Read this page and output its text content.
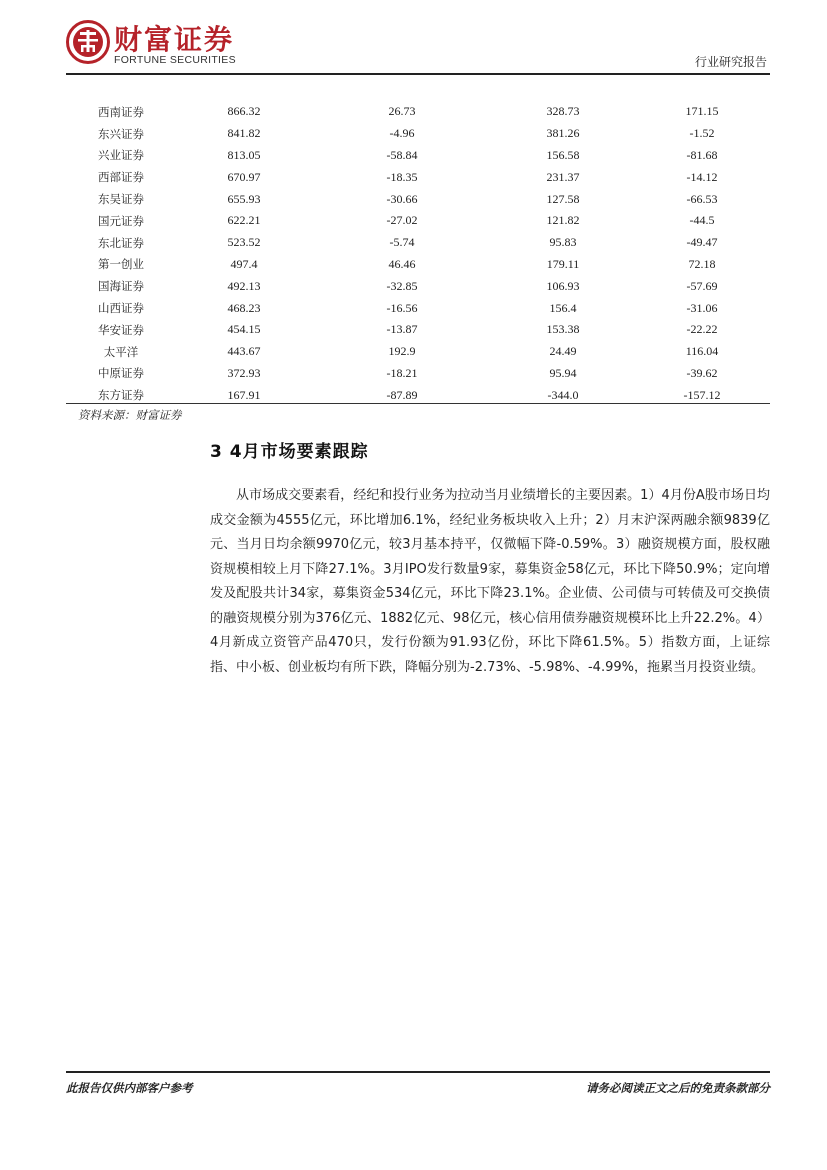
财富证券
FORTUNE SECURITIES	行业研究报告
西南证券	866.32	26.73	328.73	171.15
东兴证券	841.82	-4.96	381.26	-1.52
兴业证券	813.05	-58.84	156.58	-81.68
西部证券	670.97	-18.35	231.37	-14.12
东吴证券	655.93	-30.66	127.58	-66.53
国元证券	622.21	-27.02	121.82	-44.5
东北证券	523.52	-5.74	95.83	-49.47
第一创业	497.4	46.46	179.11	72.18
国海证券	492.13	-32.85	106.93	-57.69
山西证券	468.23	-16.56	156.4	-31.06
华安证券	454.15	-13.87	153.38	-22.22
太平洋	443.67	192.9	24.49	116.04
中原证券	372.93	-18.21	95.94	-39.62
东方证券	167.91	-87.89	-344.0	-157.12
资料来源：财富证券
3 4月市场要素跟踪
从市场成交要素看，经纪和投行业务为拉动当月业绩增长的主要因素。1）4月份A股市场日均成交金额为4555亿元，环比增加6.1%，经纪业务板块收入上升；2）月末沪深两融余额9839亿元、当月日均余额9970亿元，较3月基本持平，仅微幅下降-0.59%。3）融资规模方面，股权融资规模相较上月下降27.1%。3月IPO发行数量9家，募集资金58亿元，环比下降50.9%；定向增发及配股共计34家，募集资金534亿元，环比下降23.1%。企业债、公司债与可转债及可交换债的融资规模分别为376亿元、1882亿元、98亿元，核心信用债券融资规模环比上升22.2%。4）4月新成立资管产品470只，发行份额为91.93亿份，环比下降61.5%。5）指数方面，上证综指、中小板、创业板均有所下跌，降幅分别为-2.73%、-5.98%、-4.99%，拖累当月投资业绩。
此报告仅供内部客户参考	请务必阅读正文之后的免责条款部分
